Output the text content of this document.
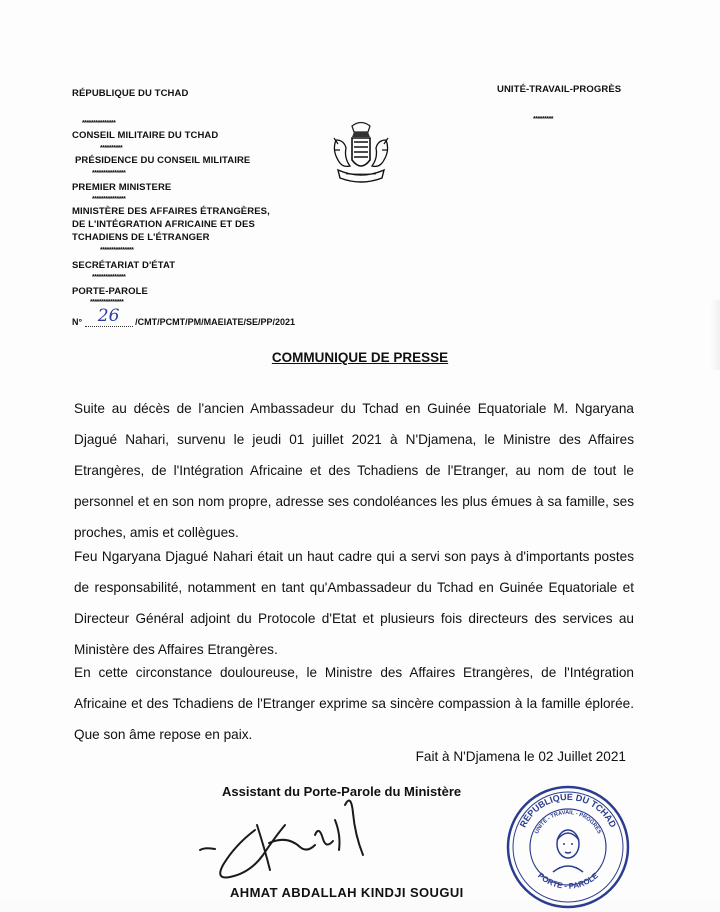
RÉPUBLIQUE DU TCHAD	UNITÉ-TRAVAIL-PROGRÈS
*********
***************
CONSEIL MILITAIRE DU TCHAD
**********
PRÉSIDENCE DU CONSEIL MILITAIRE
***************
PREMIER MINISTERE
***************
MINISTÈRE DES AFFAIRES ÉTRANGÈRES,
DE L'INTÉGRATION AFRICAINE ET DES
TCHADIENS DE L'ÉTRANGER
***************
SECRÉTARIAT D'ÉTAT
***************
PORTE-PAROLE
***************
N° 26 /CMT/PCMT/PM/MAEIATE/SE/PP/2021
COMMUNIQUE DE PRESSE
Suite au décès de l'ancien Ambassadeur du Tchad en Guinée Equatoriale M. Ngaryana Djagué Nahari, survenu le jeudi 01 juillet 2021 à N'Djamena, le Ministre des Affaires Etrangères, de l'Intégration Africaine et des Tchadiens de l'Etranger, au nom de tout le personnel et en son nom propre, adresse ses condoléances les plus émues à sa famille, ses proches, amis et collègues.
Feu Ngaryana Djagué Nahari était un haut cadre qui a servi son pays à d'importants postes de responsabilité, notamment en tant qu'Ambassadeur du Tchad en Guinée Equatoriale et Directeur Général adjoint du Protocole d'Etat et plusieurs fois directeurs des services au Ministère des Affaires Etrangères.
En cette circonstance douloureuse, le Ministre des Affaires Etrangères, de l'Intégration Africaine et des Tchadiens de l'Etranger exprime sa sincère compassion à la famille éplorée. Que son âme repose en paix.
Fait à N'Djamena le 02 Juillet 2021
Assistant du Porte-Parole du Ministère
RÉPUBLIQUE DU TCHAD
UNITÉ - TRAVAIL - PROGRÈS
PORTE - PAROLE
AHMAT ABDALLAH KINDJI SOUGUI
